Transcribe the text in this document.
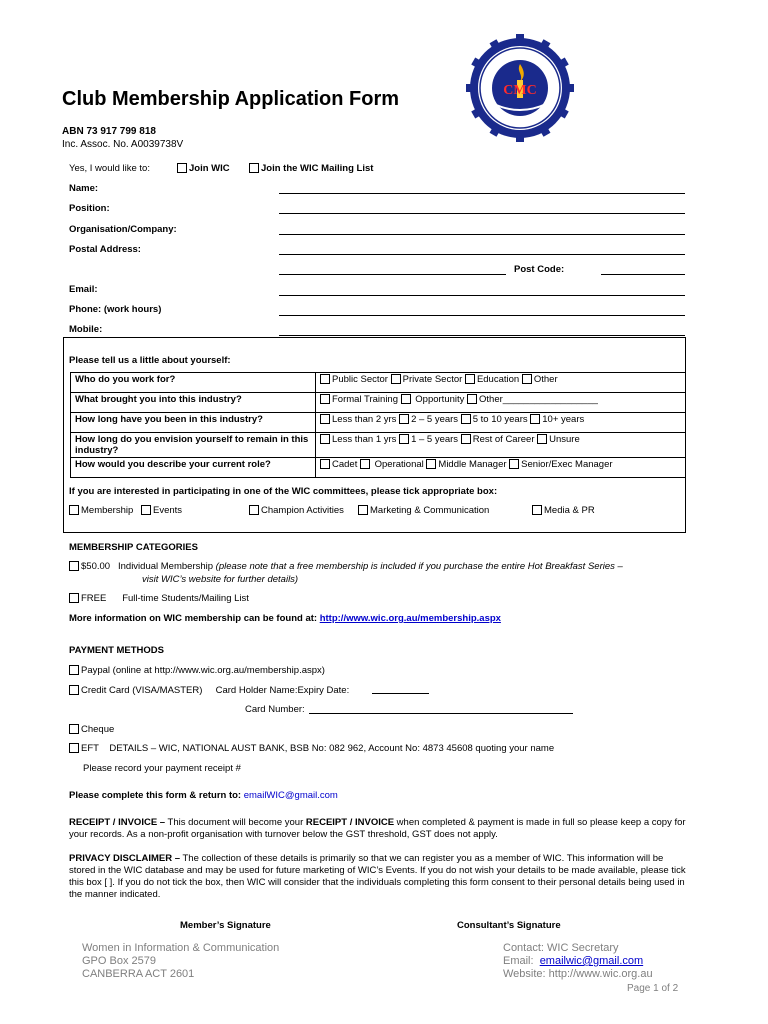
Club Membership Application Form
ABN 73 917 799 818
Inc. Assoc. No. A0039738V
CMC
Yes, I would like to:	Join WIC	Join the WIC Mailing List
Name:
Position:
Organisation/Company:
Postal Address:
Post Code:
Email:
Phone: (work hours)
Mobile:
Please tell us a little about yourself:
Who do you work for?	Public Sector Private Sector Education Other
What brought you into this industry?	Formal Training  Opportunity Other__________________
How long have you been in this industry?	Less than 2 yrs 2 – 5 years 5 to 10 years 10+ years
How long do you envision yourself to remain in this industry?	Less than 1 yrs 1 – 5 years Rest of Career Unsure
How would you describe your current role?	Cadet  Operational Middle Manager Senior/Exec Manager
If you are interested in participating in one of the WIC committees, please tick appropriate box:
Membership	Events	Champion Activities	Marketing & Communication	Media & PR
MEMBERSHIP CATEGORIES
$50.00 Individual Membership (please note that a free membership is included if you purchase the entire Hot Breakfast Series –
visit WIC’s website for further details)
FREE Full-time Students/Mailing List
More information on WIC membership can be found at: http://www.wic.org.au/membership.aspx
PAYMENT METHODS
Paypal (online at http://www.wic.org.au/membership.aspx)
Credit Card (VISA/MASTER) Card Holder Name:Expiry Date:
Card Number:
Cheque
EFT    DETAILS – WIC, NATIONAL AUST BANK, BSB No: 082 962, Account No: 4873 45608 quoting your name
Please record your payment receipt #
Please complete this form & return to: emailWIC@gmail.com
RECEIPT / INVOICE – This document will become your RECEIPT / INVOICE when completed & payment is made in full so please keep a copy for your records. As a non-profit organisation with turnover below the GST threshold, GST does not apply.
PRIVACY DISCLAIMER – The collection of these details is primarily so that we can register you as a member of WIC. This information will be stored in the WIC database and may be used for future marketing of WIC’s Events. If you do not wish your details to be made available, please tick this box [ ]. If you do not tick the box, then WIC will consider that the individuals completing this form consent to their personal details being used in the manner indicated.
Member’s Signature	Consultant’s Signature
Women in Information & Communication
GPO Box 2579
CANBERRA ACT 2601
Contact: WIC Secretary
Email: emailwic@gmail.com
Website: http://www.wic.org.au
Page 1 of 2
